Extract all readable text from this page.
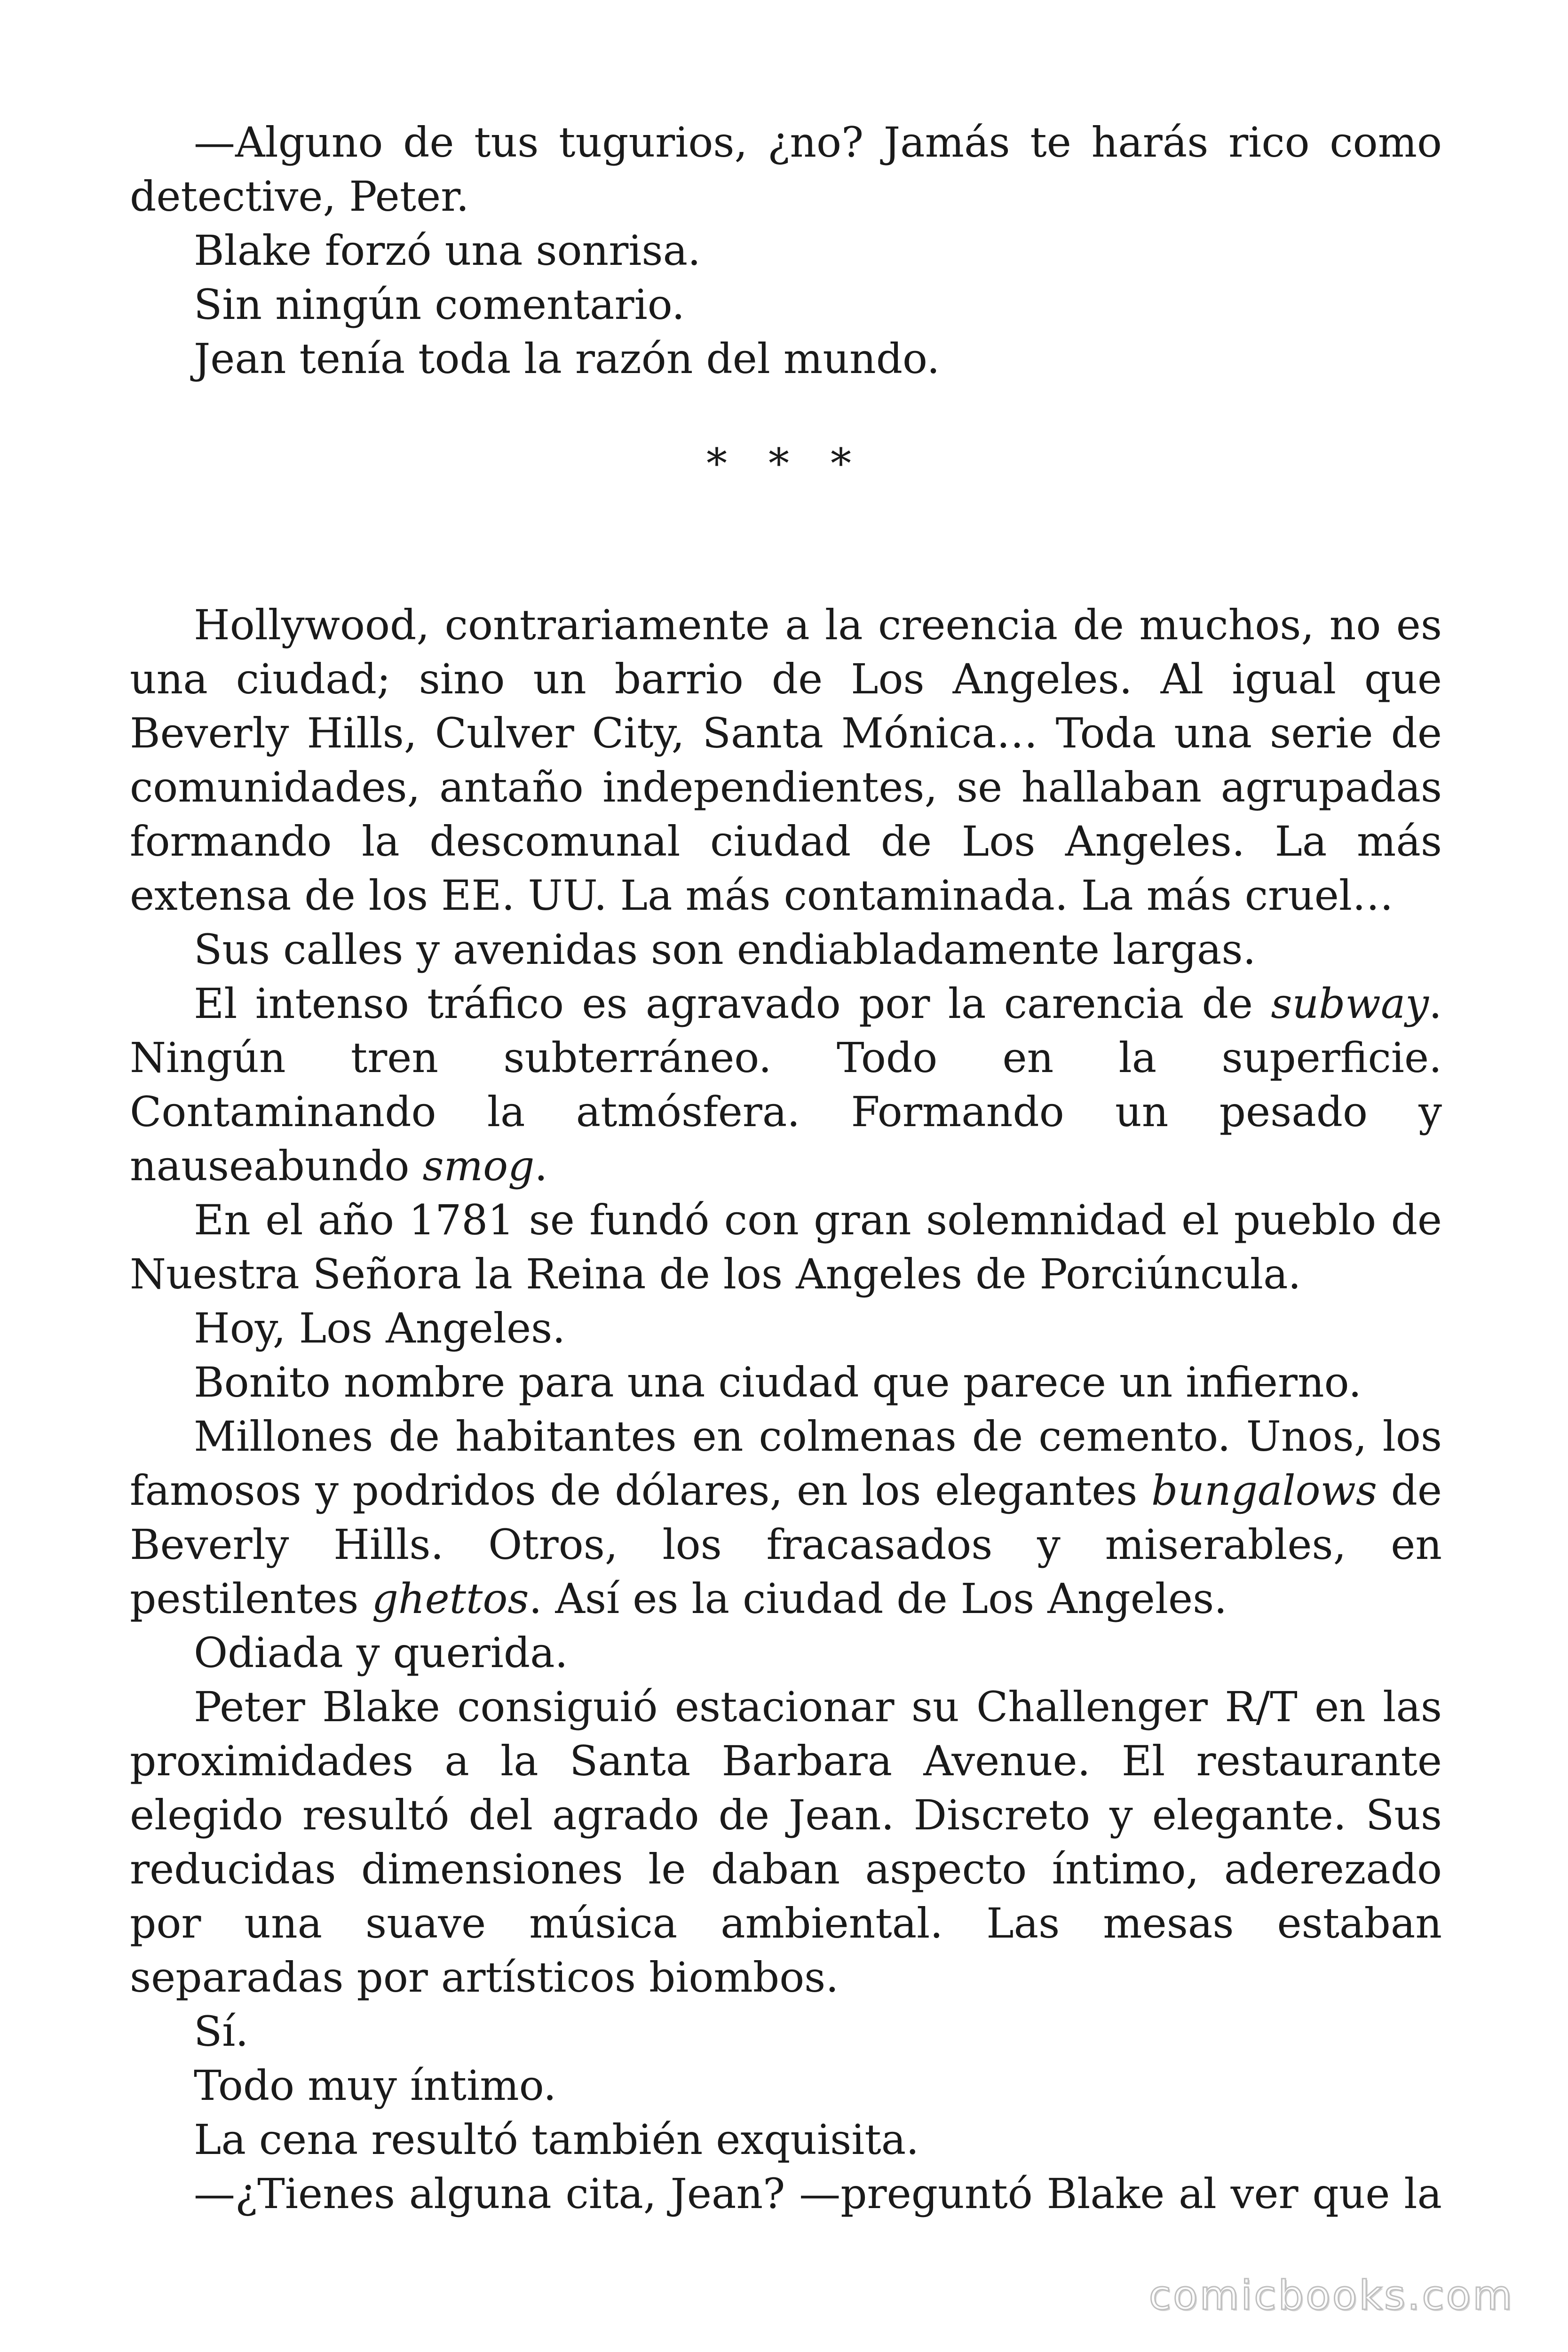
—Alguno de tus tugurios, ¿no? Jamás te harás rico como detective, Peter.

Blake forzó una sonrisa.

Sin ningún comentario.

Jean tenía toda la razón del mundo.

* * *

Hollywood, contrariamente a la creencia de muchos, no es una ciudad; sino un barrio de Los Angeles. Al igual que Beverly Hills, Culver City, Santa Mónica… Toda una serie de comunidades, antaño independientes, se hallaban agrupadas formando la descomunal ciudad de Los Angeles. La más extensa de los EE. UU. La más contaminada. La más cruel…

Sus calles y avenidas son endiabladamente largas.

El intenso tráfico es agravado por la carencia de subway. Ningún tren subterráneo. Todo en la superficie. Contaminando la atmósfera. Formando un pesado y nauseabundo smog.

En el año 1781 se fundó con gran solemnidad el pueblo de Nuestra Señora la Reina de los Angeles de Porciúncula.

Hoy, Los Angeles.

Bonito nombre para una ciudad que parece un infierno.

Millones de habitantes en colmenas de cemento. Unos, los famosos y podridos de dólares, en los elegantes bungalows de Beverly Hills. Otros, los fracasados y miserables, en pestilentes ghettos. Así es la ciudad de Los Angeles.

Odiada y querida.

Peter Blake consiguió estacionar su Challenger R/T en las proximidades a la Santa Barbara Avenue. El restaurante elegido resultó del agrado de Jean. Discreto y elegante. Sus reducidas dimensiones le daban aspecto íntimo, aderezado por una suave música ambiental. Las mesas estaban separadas por artísticos biombos.

Sí.

Todo muy íntimo.

La cena resultó también exquisita.

—¿Tienes alguna cita, Jean? —preguntó Blake al ver que la

comicbooks.com
